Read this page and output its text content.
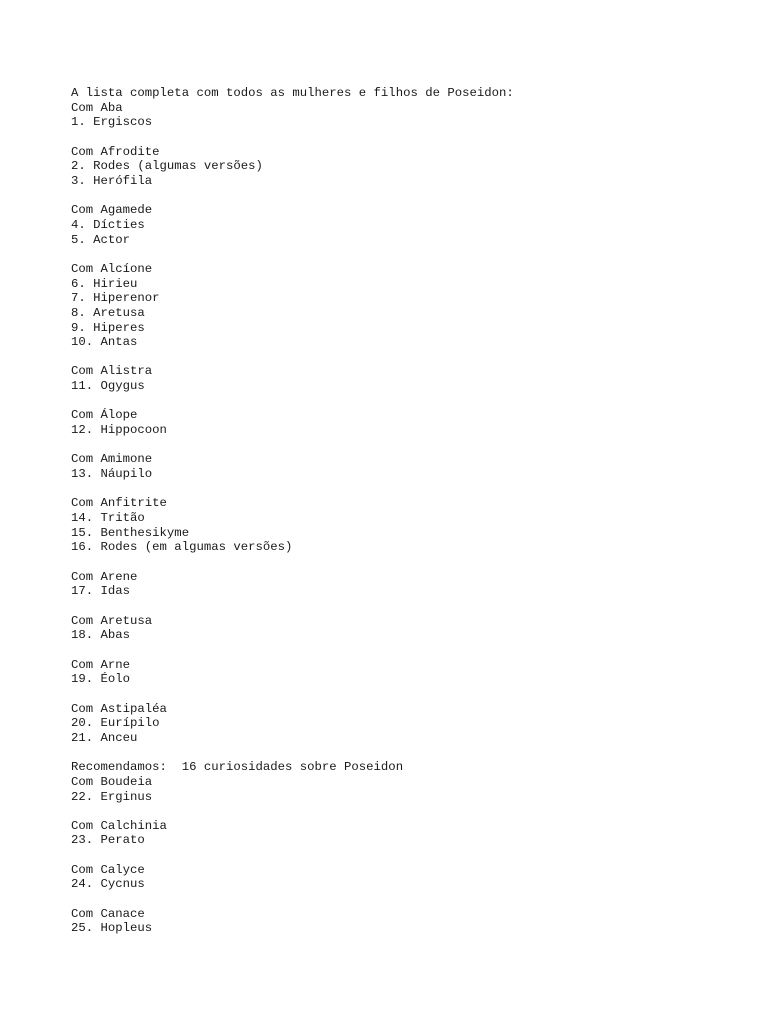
A lista completa com todos as mulheres e filhos de Poseidon:
Com Aba
1. Ergiscos
Com Afrodite
2. Rodes (algumas versões)
3. Herófila
Com Agamede
4. Dícties
5. Actor
Com Alcíone
6. Hirieu
7. Hiperenor
8. Aretusa
9. Hiperes
10. Antas
Com Alistra
11. Ogygus
Com Álope
12. Hippocoon
Com Amimone
13. Náupilo
Com Anfitrite
14. Tritão
15. Benthesikyme
16. Rodes (em algumas versões)
Com Arene
17. Idas
Com Aretusa
18. Abas
Com Arne
19. Éolo
Com Astipaléa
20. Eurípilo
21. Anceu
Recomendamos:  16 curiosidades sobre Poseidon
Com Boudeia
22. Erginus
Com Calchinia
23. Perato
Com Calyce
24. Cycnus
Com Canace
25. Hopleus
